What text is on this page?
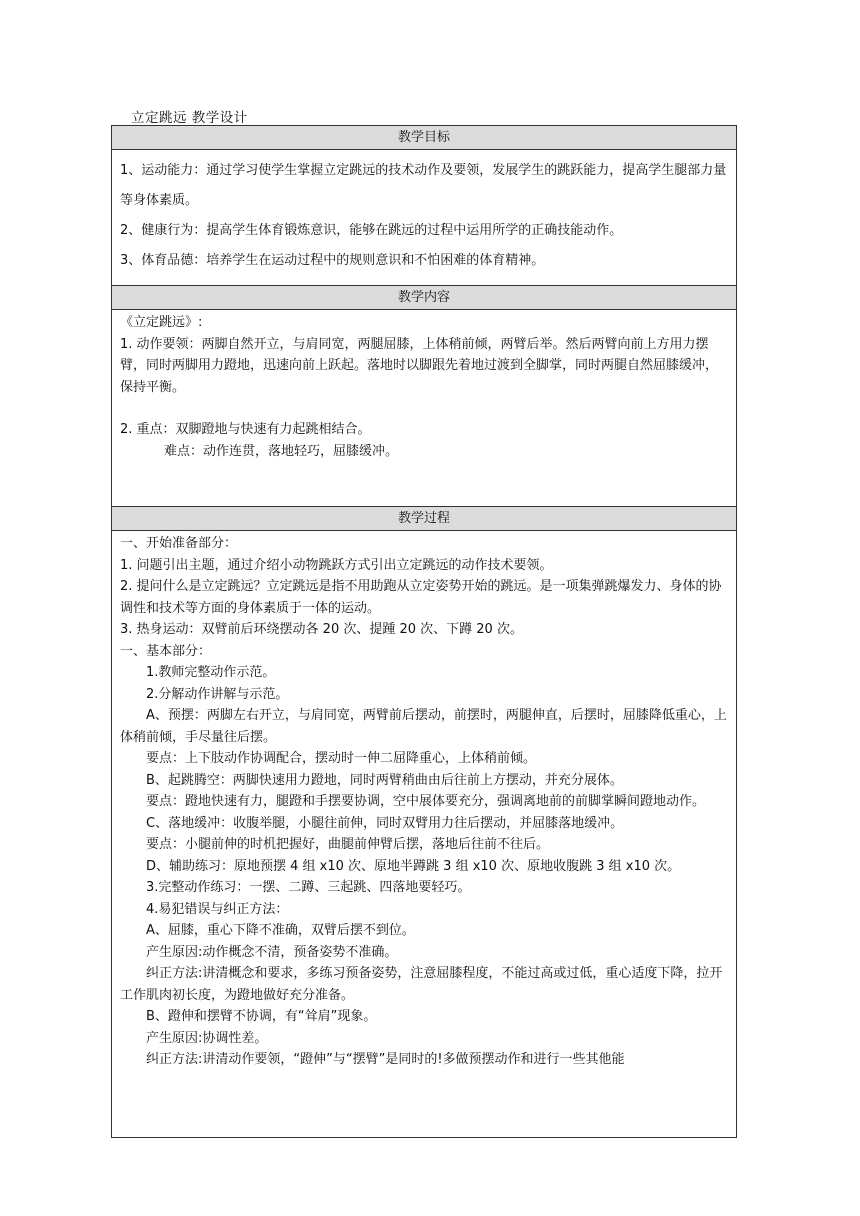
立定跳远 教学设计
教学目标

1、运动能力：通过学习使学生掌握立定跳远的技术动作及要领，发展学生的跳跃能力，提高学生腿部力量等身体素质。

2、健康行为：提高学生体育锻炼意识，能够在跳远的过程中运用所学的正确技能动作。

3、体育品德：培养学生在运动过程中的规则意识和不怕困难的体育精神。

教学内容

《立定跳远》:

1. 动作要领：两脚自然开立，与肩同宽，两腿屈膝，上体稍前倾，两臂后举。然后两臂向前上方用力摆臂，同时两脚用力蹬地，迅速向前上跃起。落地时以脚跟先着地过渡到全脚掌，同时两腿自然屈膝缓冲，保持平衡。

2. 重点：双脚蹬地与快速有力起跳相结合。

难点：动作连贯，落地轻巧，屈膝缓冲。

教学过程

一、开始准备部分：

1. 问题引出主题，通过介绍小动物跳跃方式引出立定跳远的动作技术要领。

2. 提问什么是立定跳远？立定跳远是指不用助跑从立定姿势开始的跳远。是一项集弹跳爆发力、身体的协调性和技术等方面的身体素质于一体的运动。

3. 热身运动：双臂前后环绕摆动各 20 次、提踵 20 次、下蹲 20 次。

一、基本部分：

1.教师完整动作示范。

2.分解动作讲解与示范。

A、预摆：两脚左右开立，与肩同宽，两臂前后摆动，前摆时，两腿伸直，后摆时，屈膝降低重心，上体稍前倾，手尽量往后摆。

要点：上下肢动作协调配合，摆动时一伸二屈降重心，上体稍前倾。

B、起跳腾空：两脚快速用力蹬地，同时两臂稍曲由后往前上方摆动，并充分展体。

要点：蹬地快速有力，腿蹬和手摆要协调，空中展体要充分，强调离地前的前脚掌瞬间蹬地动作。

C、落地缓冲：收腹举腿，小腿往前伸，同时双臂用力往后摆动，并屈膝落地缓冲。

要点：小腿前伸的时机把握好，曲腿前伸臂后摆，落地后往前不往后。

D、辅助练习：原地预摆 4 组 x10 次、原地半蹲跳 3 组 x10 次、原地收腹跳 3 组 x10 次。

3.完整动作练习：一摆、二蹲、三起跳、四落地要轻巧。

4.易犯错误与纠正方法：

A、屈膝，重心下降不准确，双臂后摆不到位。

产生原因:动作概念不清，预备姿势不准确。

纠正方法:讲清概念和要求，多练习预备姿势，注意屈膝程度，不能过高或过低，重心适度下降，拉开工作肌肉初长度，为蹬地做好充分准备。

B、蹬伸和摆臂不协调，有“耸肩”现象。

产生原因:协调性差。

纠正方法:讲清动作要领，“蹬伸”与“摆臂”是同时的!多做预摆动作和进行一些其他能
